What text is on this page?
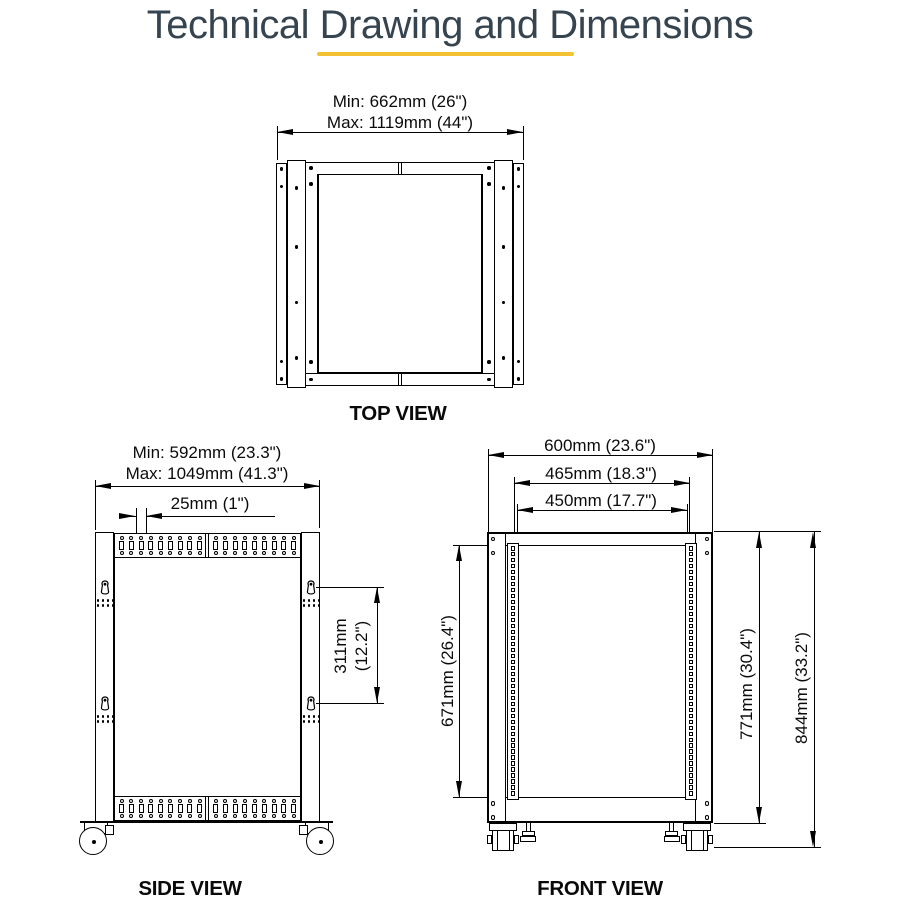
Technical Drawing and Dimensions
Min: 662mm (26")
Max: 1119mm (44")
TOP VIEW
Min: 592mm (23.3")
Max: 1049mm (41.3")
25mm (1")
311mm (12.2")
SIDE VIEW
600mm (23.6")
465mm (18.3")
450mm (17.7")
671mm (26.4")	771mm (30.4") 844mm (33.2")
FRONT VIEW
